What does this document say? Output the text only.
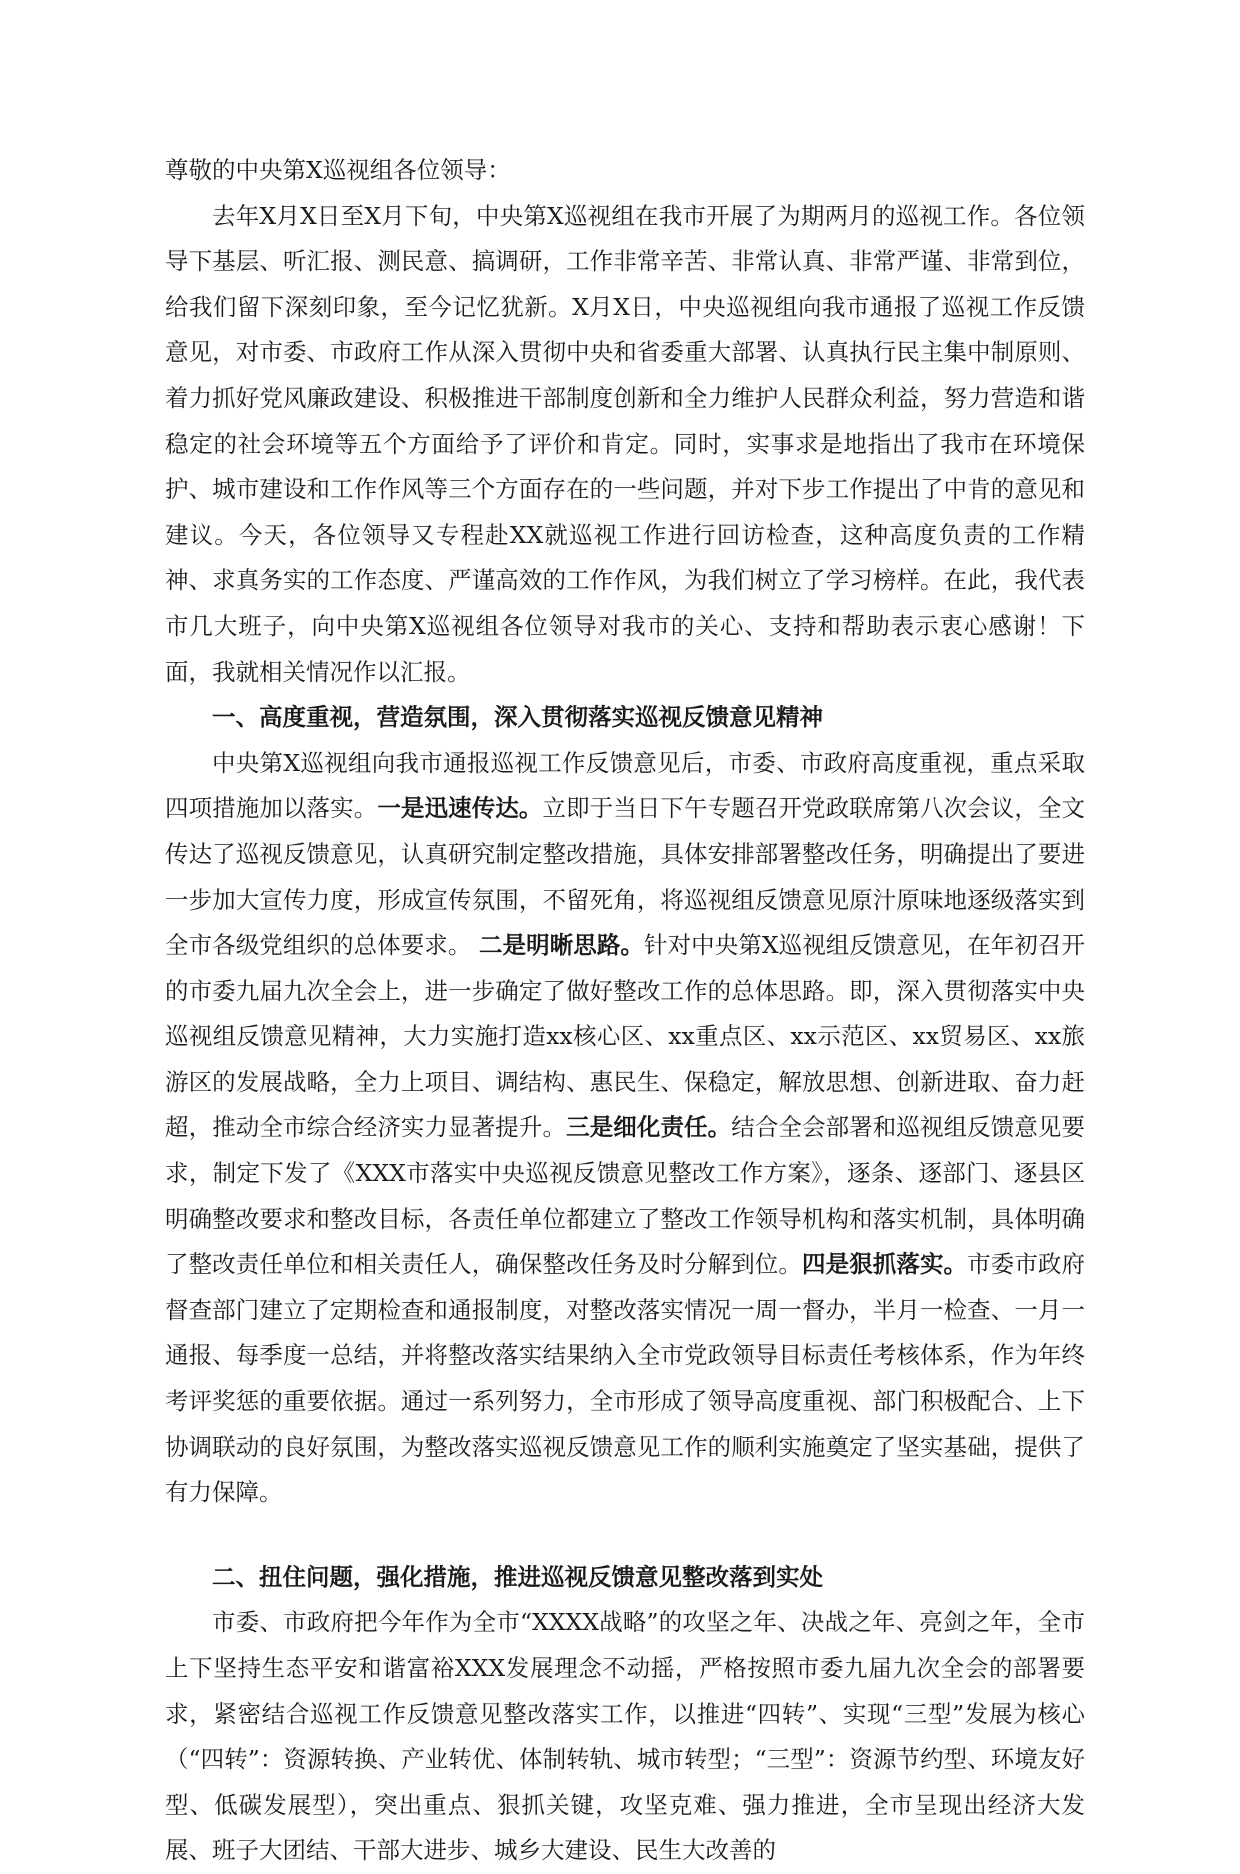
尊敬的中央第X巡视组各位领导：

去年X月X日至X月下旬，中央第X巡视组在我市开展了为期两月的巡视工作。各位领导下基层、听汇报、测民意、搞调研，工作非常辛苦、非常认真、非常严谨、非常到位，给我们留下深刻印象，至今记忆犹新。X月X日，中央巡视组向我市通报了巡视工作反馈意见，对市委、市政府工作从深入贯彻中央和省委重大部署、认真执行民主集中制原则、着力抓好党风廉政建设、积极推进干部制度创新和全力维护人民群众利益，努力营造和谐稳定的社会环境等五个方面给予了评价和肯定。同时，实事求是地指出了我市在环境保护、城市建设和工作作风等三个方面存在的一些问题，并对下步工作提出了中肯的意见和建议。今天，各位领导又专程赴XX就巡视工作进行回访检查，这种高度负责的工作精神、求真务实的工作态度、严谨高效的工作作风，为我们树立了学习榜样。在此，我代表市几大班子，向中央第X巡视组各位领导对我市的关心、支持和帮助表示衷心感谢！下面，我就相关情况作以汇报。

一、高度重视，营造氛围，深入贯彻落实巡视反馈意见精神

中央第X巡视组向我市通报巡视工作反馈意见后，市委、市政府高度重视，重点采取四项措施加以落实。一是迅速传达。立即于当日下午专题召开党政联席第八次会议，全文传达了巡视反馈意见，认真研究制定整改措施，具体安排部署整改任务，明确提出了要进一步加大宣传力度，形成宣传氛围，不留死角，将巡视组反馈意见原汁原味地逐级落实到全市各级党组织的总体要求。 二是明晰思路。针对中央第X巡视组反馈意见，在年初召开的市委九届九次全会上，进一步确定了做好整改工作的总体思路。即，深入贯彻落实中央巡视组反馈意见精神，大力实施打造xx核心区、xx重点区、xx示范区、xx贸易区、xx旅游区的发展战略，全力上项目、调结构、惠民生、保稳定，解放思想、创新进取、奋力赶超，推动全市综合经济实力显著提升。三是细化责任。结合全会部署和巡视组反馈意见要求，制定下发了《XXX市落实中央巡视反馈意见整改工作方案》，逐条、逐部门、逐县区明确整改要求和整改目标，各责任单位都建立了整改工作领导机构和落实机制，具体明确了整改责任单位和相关责任人，确保整改任务及时分解到位。四是狠抓落实。市委市政府督查部门建立了定期检查和通报制度，对整改落实情况一周一督办，半月一检查、一月一通报、每季度一总结，并将整改落实结果纳入全市党政领导目标责任考核体系，作为年终考评奖惩的重要依据。通过一系列努力，全市形成了领导高度重视、部门积极配合、上下协调联动的良好氛围，为整改落实巡视反馈意见工作的顺利实施奠定了坚实基础，提供了有力保障。

二、扭住问题，强化措施，推进巡视反馈意见整改落到实处

市委、市政府把今年作为全市“XXXX战略”的攻坚之年、决战之年、亮剑之年，全市上下坚持生态平安和谐富裕XXX发展理念不动摇，严格按照市委九届九次全会的部署要求，紧密结合巡视工作反馈意见整改落实工作，以推进“四转”、实现“三型”发展为核心（“四转”：资源转换、产业转优、体制转轨、城市转型；“三型”：资源节约型、环境友好型、低碳发展型），突出重点、狠抓关键，攻坚克难、强力推进，全市呈现出经济大发展、班子大团结、干部大进步、城乡大建设、民生大改善的
